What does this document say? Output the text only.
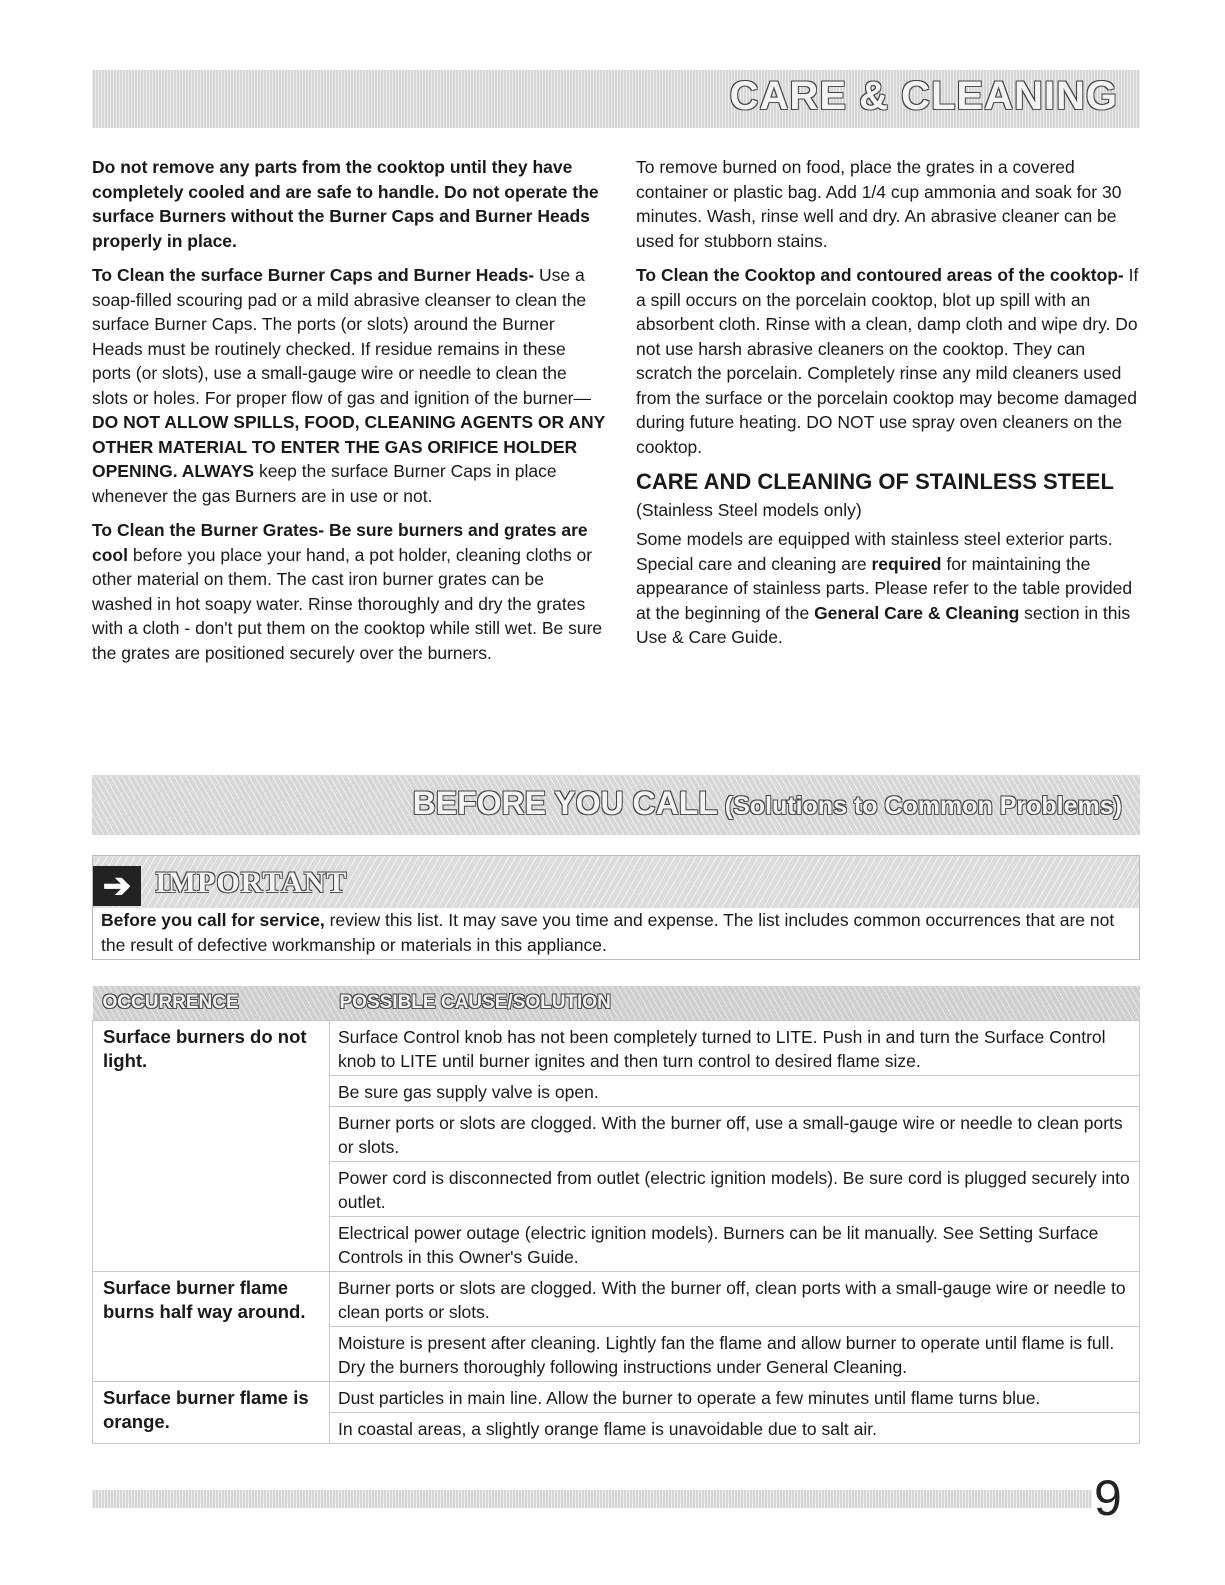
CARE & CLEANING

Do not remove any parts from the cooktop until they have completely cooled and are safe to handle. Do not operate the surface Burners without the Burner Caps and Burner Heads properly in place.

To Clean the surface Burner Caps and Burner Heads- Use a soap-filled scouring pad or a mild abrasive cleanser to clean the surface Burner Caps. The ports (or slots) around the Burner Heads must be routinely checked. If residue remains in these ports (or slots), use a small-gauge wire or needle to clean the slots or holes. For proper flow of gas and ignition of the burner—DO NOT ALLOW SPILLS, FOOD, CLEANING AGENTS OR ANY OTHER MATERIAL TO ENTER THE GAS ORIFICE HOLDER OPENING. ALWAYS keep the surface Burner Caps in place whenever the gas Burners are in use or not.

To Clean the Burner Grates- Be sure burners and grates are cool before you place your hand, a pot holder, cleaning cloths or other material on them. The cast iron burner grates can be washed in hot soapy water. Rinse thoroughly and dry the grates with a cloth - don't put them on the cooktop while still wet. Be sure the grates are positioned securely over the burners.

To remove burned on food, place the grates in a covered container or plastic bag. Add 1/4 cup ammonia and soak for 30 minutes. Wash, rinse well and dry. An abrasive cleaner can be used for stubborn stains.

To Clean the Cooktop and contoured areas of the cooktop- If a spill occurs on the porcelain cooktop, blot up spill with an absorbent cloth. Rinse with a clean, damp cloth and wipe dry. Do not use harsh abrasive cleaners on the cooktop. They can scratch the porcelain. Completely rinse any mild cleaners used from the surface or the porcelain cooktop may become damaged during future heating. DO NOT use spray oven cleaners on the cooktop.

CARE AND CLEANING OF STAINLESS STEEL (Stainless Steel models only)

Some models are equipped with stainless steel exterior parts. Special care and cleaning are required for maintaining the appearance of stainless parts. Please refer to the table provided at the beginning of the General Care & Cleaning section in this Use & Care Guide.

BEFORE YOU CALL (Solutions to Common Problems)
➔ IMPORTANT
Before you call for service, review this list. It may save you time and expense. The list includes common occurrences that are not the result of defective workmanship or materials in this appliance.
OCCURRENCE	POSSIBLE CAUSE/SOLUTION
Surface burners do not light.	Surface Control knob has not been completely turned to LITE. Push in and turn the Surface Control knob to LITE until burner ignites and then turn control to desired flame size.
	Be sure gas supply valve is open.
	Burner ports or slots are clogged. With the burner off, use a small-gauge wire or needle to clean ports or slots.
	Power cord is disconnected from outlet (electric ignition models). Be sure cord is plugged securely into outlet.
	Electrical power outage (electric ignition models). Burners can be lit manually. See Setting Surface Controls in this Owner's Guide.
Surface burner flame burns half way around.	Burner ports or slots are clogged. With the burner off, clean ports with a small-gauge wire or needle to clean ports or slots.
	Moisture is present after cleaning. Lightly fan the flame and allow burner to operate until flame is full. Dry the burners thoroughly following instructions under General Cleaning.
Surface burner flame is orange.	Dust particles in main line. Allow the burner to operate a few minutes until flame turns blue.
	In coastal areas, a slightly orange flame is unavoidable due to salt air.
9
